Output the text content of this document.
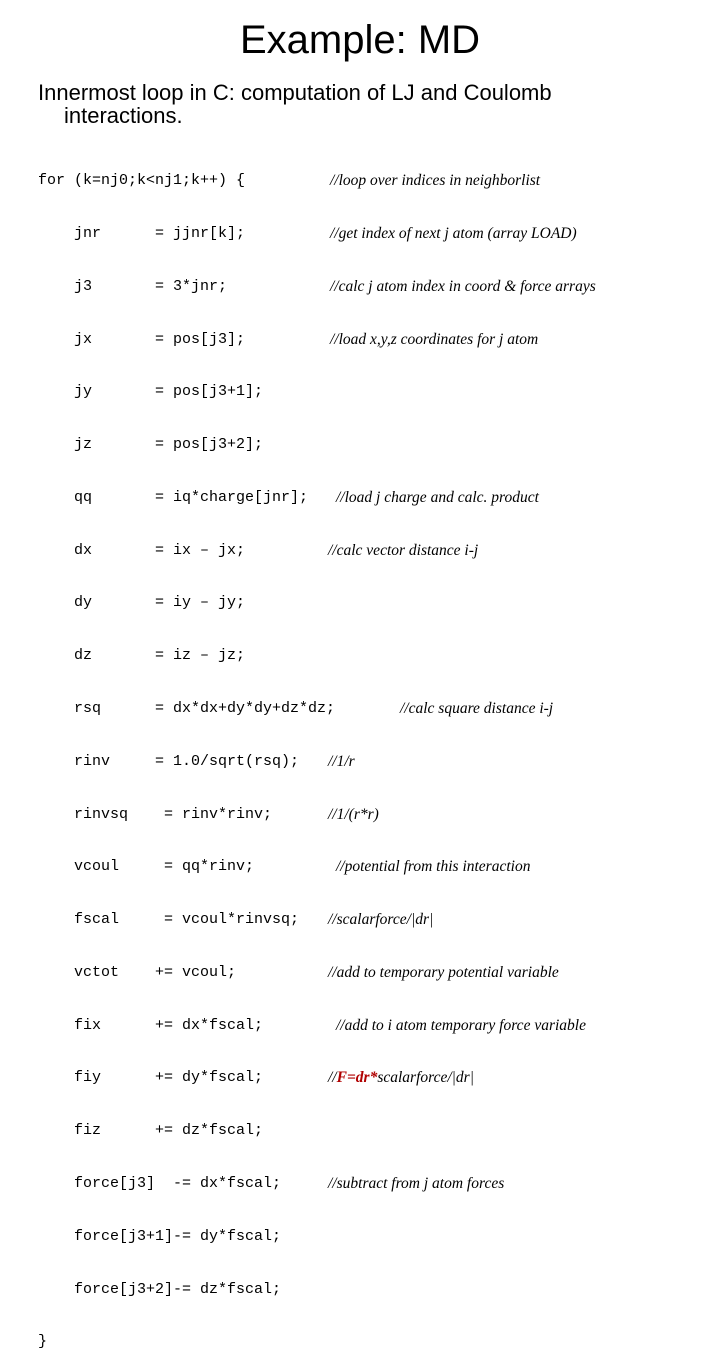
Example: MD
Innermost loop in C: computation of LJ and Coulomb
interactions.

for (k=nj0;k<nj1;k++) {	//loop over indices in neighborlist

jnr      = jjnr[k];	//get index of next j atom (array LOAD)

j3       = 3*jnr;	//calc j atom index in coord & force arrays

jx       = pos[j3];	//load x,y,z coordinates for j atom

jy       = pos[j3+1];

jz       = pos[j3+2];

qq       = iq*charge[jnr]; //load j charge and calc. product

dx       = ix – jx;	//calc vector distance i-j

dy       = iy – jy;

dz       = iz – jz;

rsq      = dx*dx+dy*dy+dz*dz;	//calc square distance i-j

rinv     = 1.0/sqrt(rsq); //1/r

rinvsq    = rinv*rinv;	//1/(r*r)

vcoul     = qq*rinv;	//potential from this interaction

fscal     = vcoul*rinvsq; //scalarforce/|dr|

vctot    += vcoul;	//add to temporary potential variable

fix      += dx*fscal;	//add to i atom temporary force variable

fiy      += dy*fscal;	//F=dr*scalarforce/|dr|

fiz      += dz*fscal;

force[j3]  -= dx*fscal;	//subtract from j atom forces

force[j3+1]-= dy*fscal;

force[j3+2]-= dz*fscal;

}
